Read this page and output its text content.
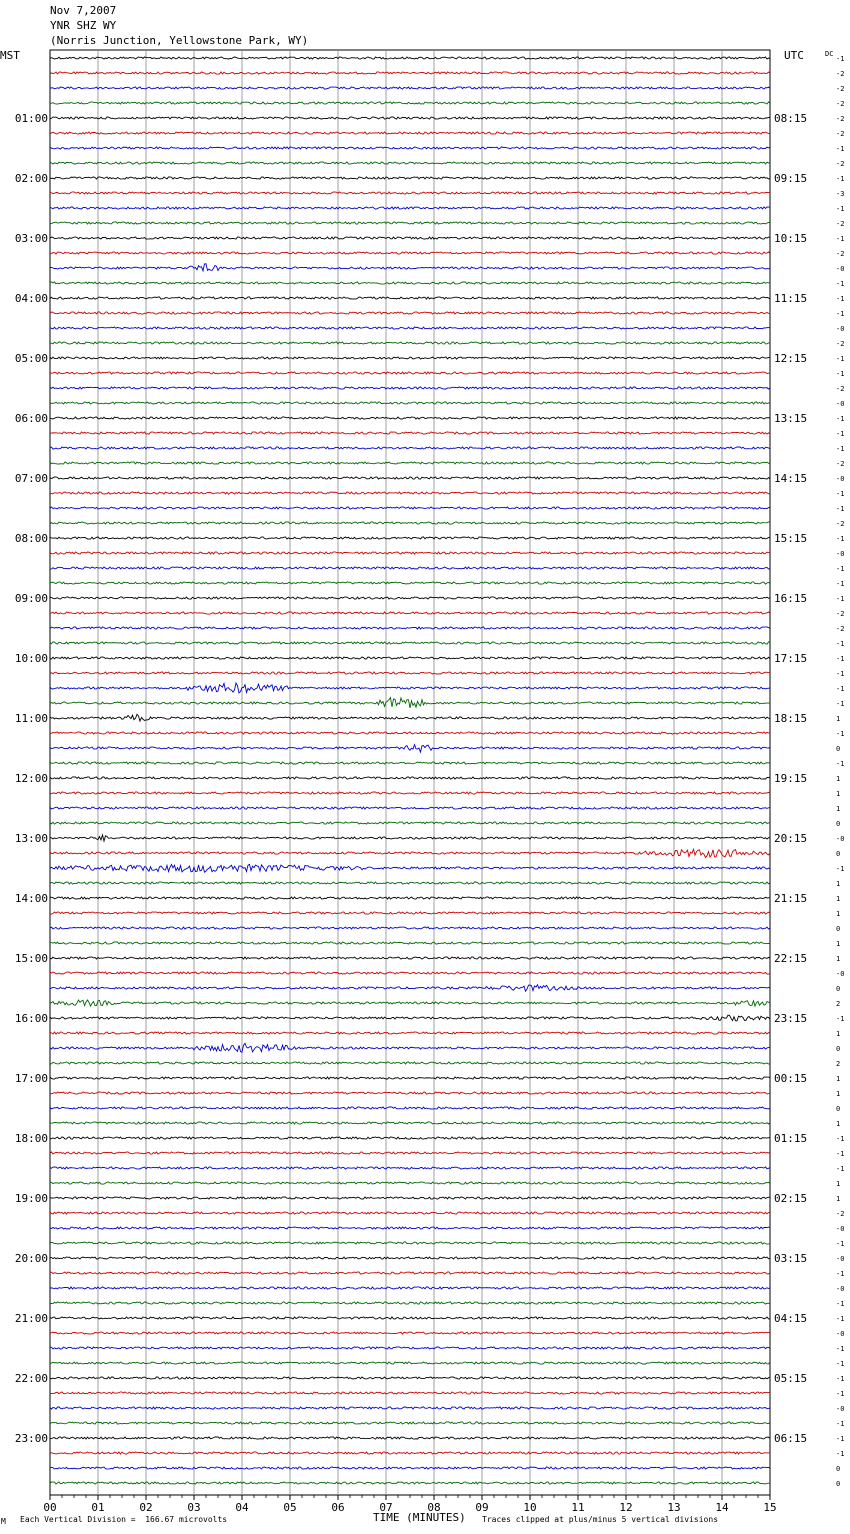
Nov 7,2007
YNR SHZ WY
(Norris Junction, Yellowstone Park, WY)
MST	UTC	-1
-2
-2
-2
-2
-2
-1
-2
-1
-3
-1
-2
-1
-2
-0
-1
-1
-1
-0
-2
-1
-1
-2
-0
-1
-1
-1
-2
-0
-1
-1
-2
-1
-0
-1
-1
-1
-2
-2
-1
-1
-1
-1
-1
1
-1
0
-1
1
1
1
0
-0
0
-1
1
1
1
0
1
1
-0
0
2
-1
1
0
2
1
1
0
1
-1
-1
-1
1
1
-2
-0
-1
-0
-1
-0
-1
-1
-0
-1
-1
-1
-1
-0
-1
-1
-1
0
0
DC
01:00
02:00
03:00
04:00
05:00
06:00
07:00
08:00
09:00
10:00
11:00
12:00
13:00
14:00
15:00
16:00
17:00
18:00
19:00
20:00
21:00
22:00
23:00
08:15
09:15
10:15
11:15
12:15
13:15
14:15
15:15
16:15
17:15
18:15
19:15
20:15
21:15
22:15
23:15
00:15
01:15
02:15
03:15
04:15
05:15
06:15
00	01	02	03	04	05	06	07	08	09	10	11	12	13	14	15
M Each Vertical Division =  166.67 microvolts	TIME (MINUTES) Traces clipped at plus/minus 5 vertical divisions
